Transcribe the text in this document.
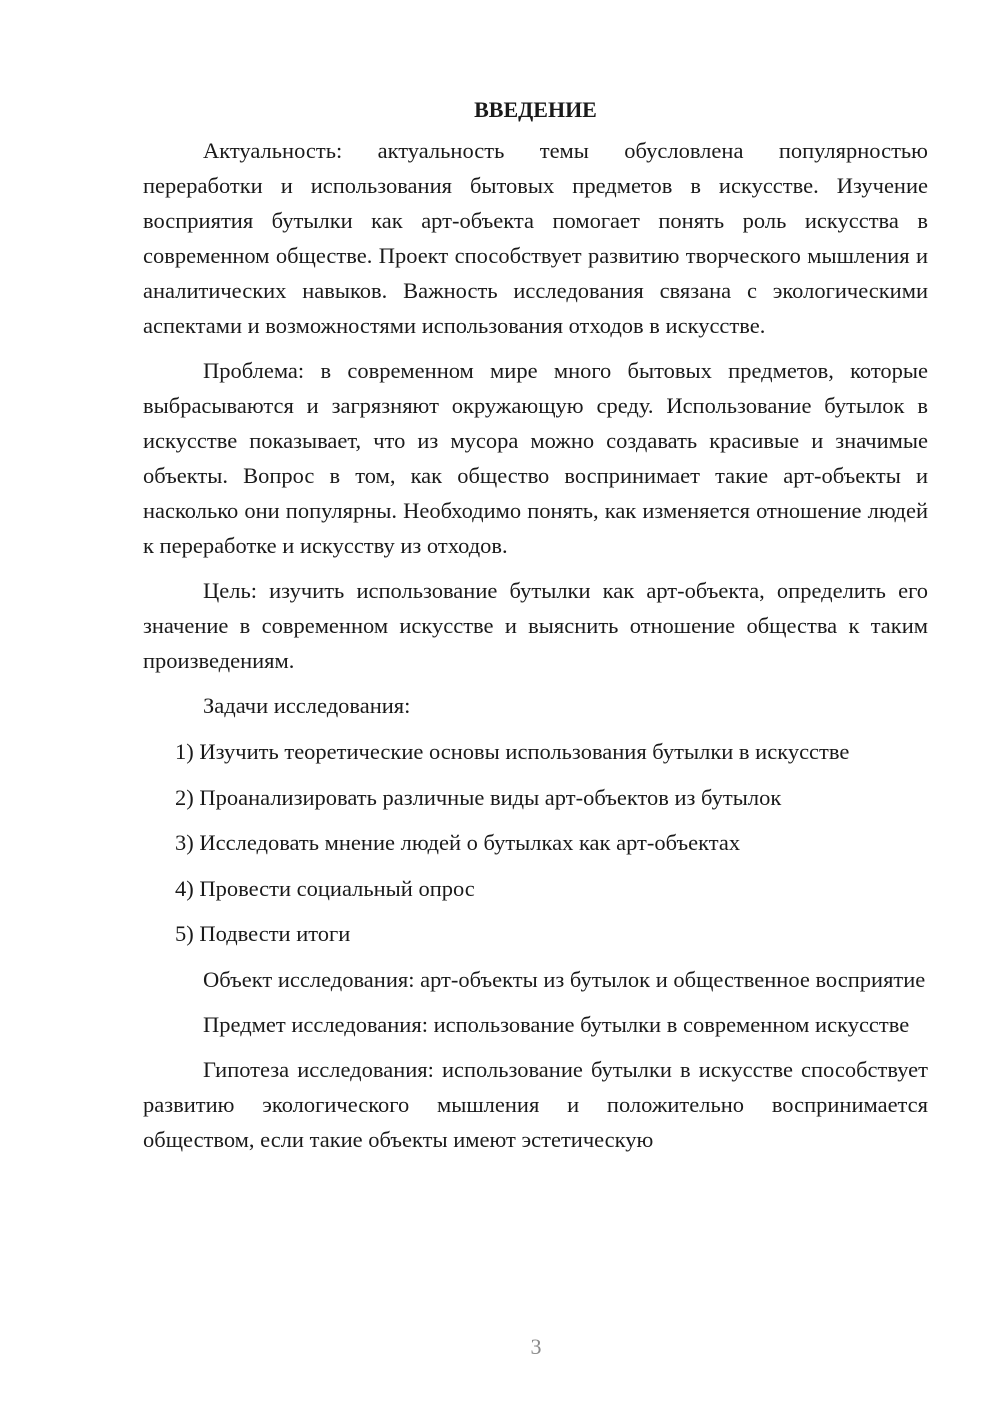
ВВЕДЕНИЕ

Актуальность: актуальность темы обусловлена популярностью переработки и использования бытовых предметов в искусстве. Изучение восприятия бутылки как арт-объекта помогает понять роль искусства в современном обществе. Проект способствует развитию творческого мышления и аналитических навыков. Важность исследования связана с экологическими аспектами и возможностями использования отходов в искусстве.

Проблема: в современном мире много бытовых предметов, которые выбрасываются и загрязняют окружающую среду. Использование бутылок в искусстве показывает, что из мусора можно создавать красивые и значимые объекты. Вопрос в том, как общество воспринимает такие арт-объекты и насколько они популярны. Необходимо понять, как изменяется отношение людей к переработке и искусству из отходов.

Цель: изучить использование бутылки как арт-объекта, определить его значение в современном искусстве и выяснить отношение общества к таким произведениям.

Задачи исследования:

1) Изучить теоретические основы использования бутылки в искусстве
2) Проанализировать различные виды арт-объектов из бутылок
3) Исследовать мнение людей о бутылках как арт-объектах
4) Провести социальный опрос
5) Подвести итоги

Объект исследования: арт-объекты из бутылок и общественное восприятие

Предмет исследования: использование бутылки в современном искусстве

Гипотеза исследования: использование бутылки в искусстве способствует развитию экологического мышления и положительно воспринимается обществом, если такие объекты имеют эстетическую

3
